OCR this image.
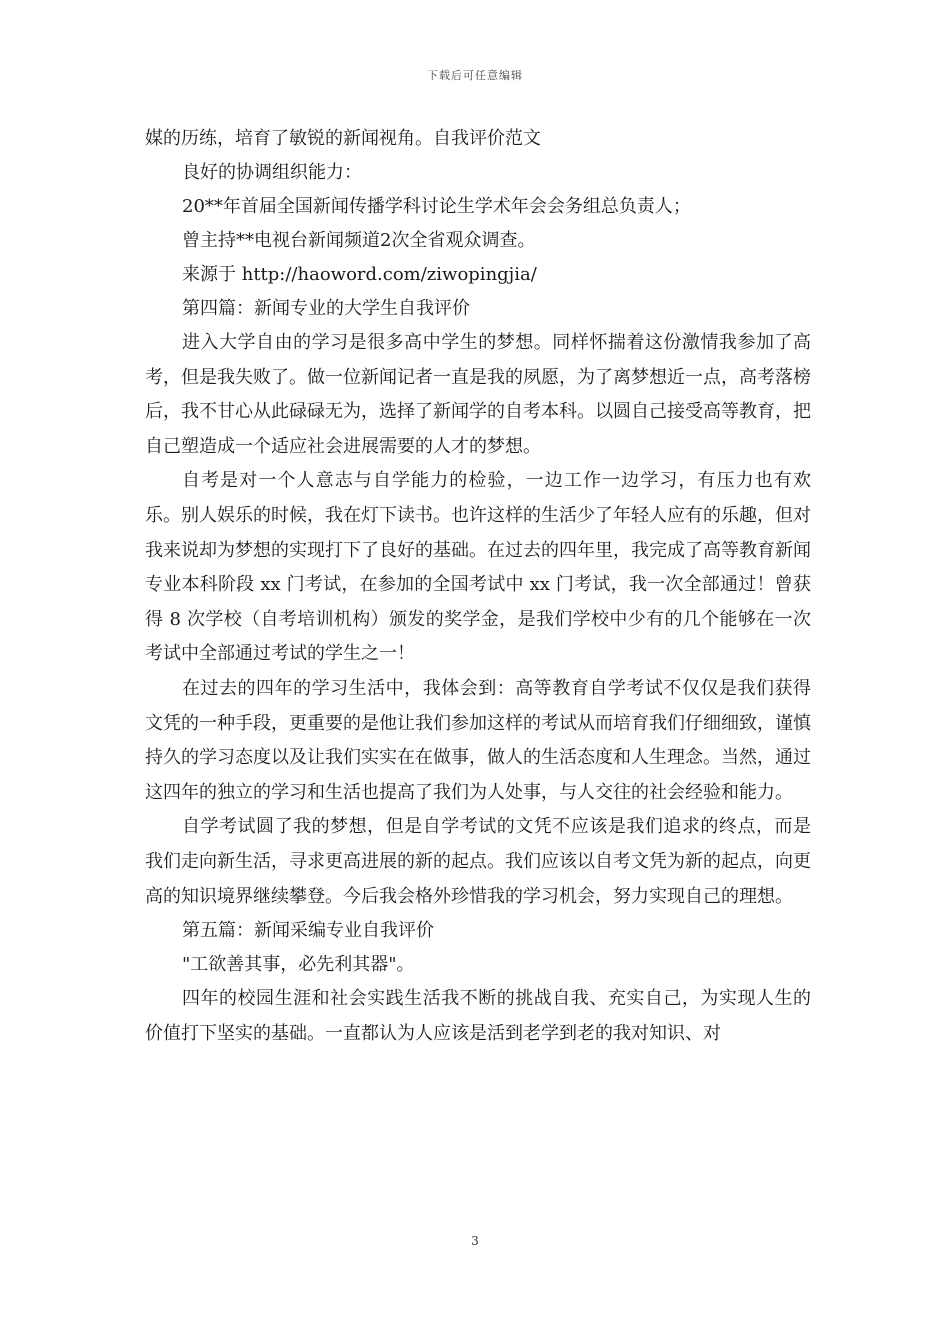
下载后可任意编辑
媒的历练，培育了敏锐的新闻视角。自我评价范文
良好的协调组织能力：
20**年首届全国新闻传播学科讨论生学术年会会务组总负责人；
曾主持**电视台新闻频道2次全省观众调查。
来源于 http://haoword.com/ziwopingjia/
第四篇：新闻专业的大学生自我评价

进入大学自由的学习是很多高中学生的梦想。同样怀揣着这份激情我参加了高考，但是我失败了。做一位新闻记者一直是我的夙愿，为了离梦想近一点，高考落榜后，我不甘心从此碌碌无为，选择了新闻学的自考本科。以圆自己接受高等教育，把自己塑造成一个适应社会进展需要的人才的梦想。

自考是对一个人意志与自学能力的检验，一边工作一边学习，有压力也有欢乐。别人娱乐的时候，我在灯下读书。也许这样的生活少了年轻人应有的乐趣，但对我来说却为梦想的实现打下了良好的基础。在过去的四年里，我完成了高等教育新闻专业本科阶段 xx 门考试，在参加的全国考试中 xx 门考试，我一次全部通过！曾获得 8 次学校（自考培训机构）颁发的奖学金，是我们学校中少有的几个能够在一次考试中全部通过考试的学生之一！

在过去的四年的学习生活中，我体会到：高等教育自学考试不仅仅是我们获得文凭的一种手段，更重要的是他让我们参加这样的考试从而培育我们仔细细致，谨慎持久的学习态度以及让我们实实在在做事，做人的生活态度和人生理念。当然，通过这四年的独立的学习和生活也提高了我们为人处事，与人交往的社会经验和能力。

自学考试圆了我的梦想，但是自学考试的文凭不应该是我们追求的终点，而是我们走向新生活，寻求更高进展的新的起点。我们应该以自考文凭为新的起点，向更高的知识境界继续攀登。今后我会格外珍惜我的学习机会，努力实现自己的理想。

第五篇：新闻采编专业自我评价
"工欲善其事，必先利其器"。

四年的校园生涯和社会实践生活我不断的挑战自我、充实自己，为实现人生的价值打下坚实的基础。一直都认为人应该是活到老学到老的我对知识、对

3
